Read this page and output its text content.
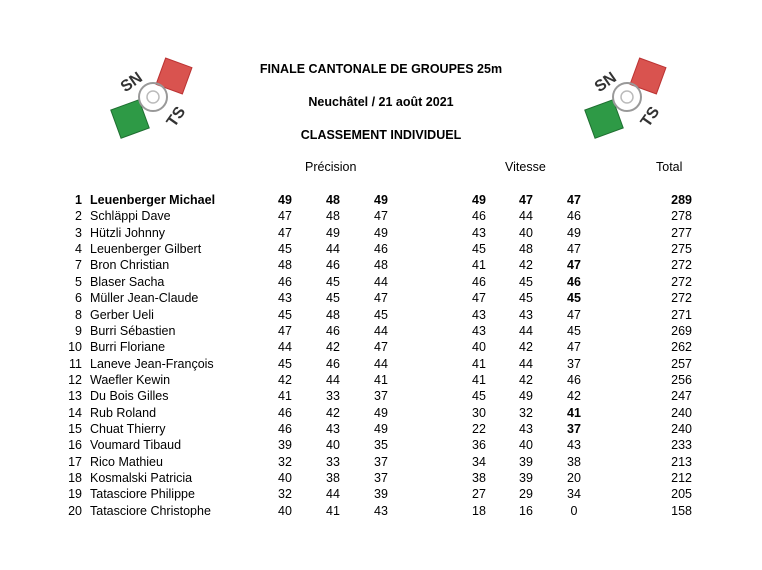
FINALE CANTONALE DE GROUPES 25m
Neuchâtel / 21 août 2021
CLASSEMENT INDIVIDUEL
SN
TS
SN
TS
Précision	Vitesse	Total
1 Leuenberger Michael	49	48	49	49	47	47	289
2 Schläppi Dave	47	48	47	46	44	46	278
3 Hützli Johnny	47	49	49	43	40	49	277
4 Leuenberger Gilbert	45	44	46	45	48	47	275
7 Bron Christian	48	46	48	41	42	47	272
5 Blaser Sacha	46	45	44	46	45	46	272
6 Müller Jean-Claude	43	45	47	47	45	45	272
8 Gerber Ueli	45	48	45	43	43	47	271
9 Burri Sébastien	47	46	44	43	44	45	269
10 Burri Floriane	44	42	47	40	42	47	262
11 Laneve Jean-François	45	46	44	41	44	37	257
12 Waefler Kewin	42	44	41	41	42	46	256
13 Du Bois Gilles	41	33	37	45	49	42	247
14 Rub Roland	46	42	49	30	32	41	240
15 Chuat Thierry	46	43	49	22	43	37	240
16 Voumard Tibaud	39	40	35	36	40	43	233
17 Rico Mathieu	32	33	37	34	39	38	213
18 Kosmalski Patricia	40	38	37	38	39	20	212
19 Tatasciore Philippe	32	44	39	27	29	34	205
20 Tatasciore Christophe	40	41	43	18	16	0	158
